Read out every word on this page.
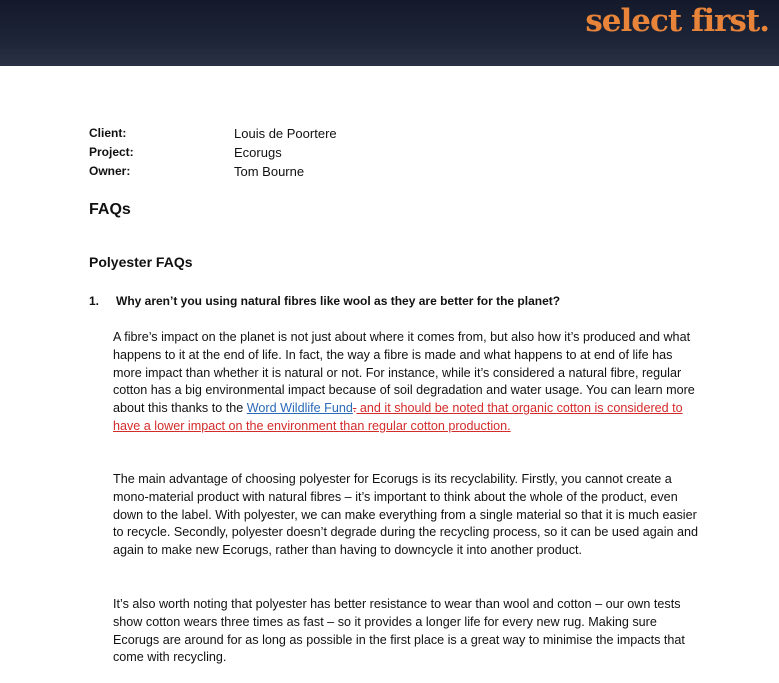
select first.
Client:	Louis de Poortere
Project:	Ecorugs
Owner:	Tom Bourne
FAQs
Polyester FAQs
1.	Why aren’t you using natural fibres like wool as they are better for the planet?
A fibre’s impact on the planet is not just about where it comes from, but also how it’s produced and what happens to it at the end of life. In fact, the way a fibre is made and what happens to at end of life has more impact than whether it is natural or not. For instance, while it’s considered a natural fibre, regular cotton has a big environmental impact because of soil degradation and water usage. You can learn more about this thanks to the Word Wildlife Fund. and it should be noted that organic cotton is considered to have a lower impact on the environment than regular cotton production.
The main advantage of choosing polyester for Ecorugs is its recyclability. Firstly, you cannot create a mono-material product with natural fibres – it’s important to think about the whole of the product, even down to the label. With polyester, we can make everything from a single material so that it is much easier to recycle. Secondly, polyester doesn’t degrade during the recycling process, so it can be used again and again to make new Ecorugs, rather than having to downcycle it into another product.
It’s also worth noting that polyester has better resistance to wear than wool and cotton – our own tests show cotton wears three times as fast – so it provides a longer life for every new rug. Making sure Ecorugs are around for as long as possible in the first place is a great way to minimise the impacts that come with recycling.
